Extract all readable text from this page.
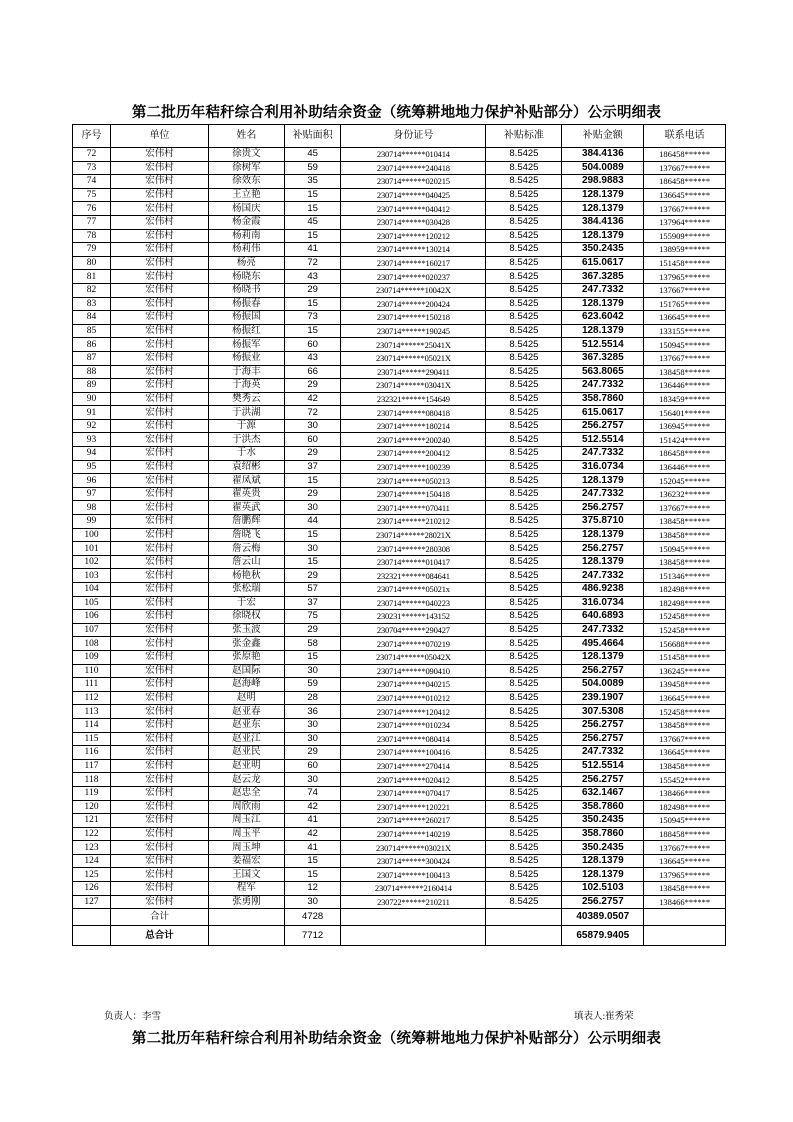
第二批历年秸秆综合利用补助结余资金（统筹耕地地力保护补贴部分）公示明细表
序号	单位	姓名	补贴面积	身份证号	补贴标准	补贴金额	联系电话
72	宏伟村	徐贵文	45	230714******010414	8.5425	384.4136	186458******
73	宏伟村	徐树军	59	230714******240418	8.5425	504.0089	137667******
74	宏伟村	徐效东	35	230714******020215	8.5425	298.9883	186458******
75	宏伟村	王立艳	15	230714******040425	8.5425	128.1379	136645******
76	宏伟村	杨国庆	15	230714******040412	8.5425	128.1379	137667******
77	宏伟村	杨金霞	45	230714******030428	8.5425	384.4136	137964******
78	宏伟村	杨莉南	15	230714******120212	8.5425	128.1379	155909******
79	宏伟村	杨莉伟	41	230714******130214	8.5425	350.2435	138959******
80	宏伟村	杨亮	72	230714******160217	8.5425	615.0617	151458******
81	宏伟村	杨晓东	43	230714******020237	8.5425	367.3285	137965******
82	宏伟村	杨晓书	29	230714******10042X	8.5425	247.7332	137667******
83	宏伟村	杨振春	15	230714******200424	8.5425	128.1379	151765******
84	宏伟村	杨振国	73	230714******150218	8.5425	623.6042	136645******
85	宏伟村	杨振红	15	230714******190245	8.5425	128.1379	133155******
86	宏伟村	杨振军	60	230714******25041X	8.5425	512.5514	150945******
87	宏伟村	杨振业	43	230714******05021X	8.5425	367.3285	137667******
88	宏伟村	于海丰	66	230714******290411	8.5425	563.8065	138458******
89	宏伟村	于海英	29	230714******03041X	8.5425	247.7332	136446******
90	宏伟村	樊秀云	42	232321******154649	8.5425	358.7860	183459******
91	宏伟村	于洪湖	72	230714******080418	8.5425	615.0617	156401******
92	宏伟村	于源	30	230714******180214	8.5425	256.2757	136945******
93	宏伟村	于洪杰	60	230714******200240	8.5425	512.5514	151424******
94	宏伟村	于水	29	230714******200412	8.5425	247.7332	186458******
95	宏伟村	袁绍彬	37	230714******100239	8.5425	316.0734	136446******
96	宏伟村	翟凤斌	15	230714******050213	8.5425	128.1379	152045******
97	宏伟村	翟英贵	29	230714******150418	8.5425	247.7332	136232******
98	宏伟村	翟英武	30	230714******070411	8.5425	256.2757	137667******
99	宏伟村	詹鹏辉	44	230714******210212	8.5425	375.8710	138458******
100	宏伟村	詹晓飞	15	230714******28021X	8.5425	128.1379	138458******
101	宏伟村	詹云梅	30	230714******280308	8.5425	256.2757	150945******
102	宏伟村	詹云山	15	230714******010417	8.5425	128.1379	138458******
103	宏伟村	杨艳秋	29	232321******084641	8.5425	247.7332	151346******
104	宏伟村	张松瑞	57	230714******05021x	8.5425	486.9238	182498******
105	宏伟村	于宏	37	230714******040223	8.5425	316.0734	182498******
106	宏伟村	徐晓权	75	230231******143152	8.5425	640.6893	152458******
107	宏伟村	张玉波	29	230704******290427	8.5425	247.7332	152458******
108	宏伟村	张金鑫	58	230714******070219	8.5425	495.4664	156688******
109	宏伟村	张原艳	15	230714******05042X	8.5425	128.1379	151458******
110	宏伟村	赵国际	30	230714******090410	8.5425	256.2757	136245******
111	宏伟村	赵海峰	59	230714******040215	8.5425	504.0089	139458******
112	宏伟村	赵明	28	230714******010212	8.5425	239.1907	136645******
113	宏伟村	赵亚春	36	230714******120412	8.5425	307.5308	152458******
114	宏伟村	赵亚东	30	230714******010234	8.5425	256.2757	138458******
115	宏伟村	赵亚江	30	230714******080414	8.5425	256.2757	137667******
116	宏伟村	赵亚民	29	230714******100416	8.5425	247.7332	136645******
117	宏伟村	赵亚明	60	230714******270414	8.5425	512.5514	138458******
118	宏伟村	赵云龙	30	230714******020412	8.5425	256.2757	155452******
119	宏伟村	赵忠全	74	230714******070417	8.5425	632.1467	138466******
120	宏伟村	周欣雨	42	230714******120221	8.5425	358.7860	182498******
121	宏伟村	周玉江	41	230714******260217	8.5425	350.2435	150945******
122	宏伟村	周玉平	42	230714******140219	8.5425	358.7860	188458******
123	宏伟村	周玉坤	41	230714******03021X	8.5425	350.2435	137667******
124	宏伟村	姜福宏	15	230714******300424	8.5425	128.1379	136645******
125	宏伟村	王国文	15	230714******100413	8.5425	128.1379	137965******
126	宏伟村	程军	12	230714******2160414	8.5425	102.5103	138458******
127	宏伟村	张勇刚	30	230722******210211	8.5425	256.2757	138466******
	合计		4728			40389.0507	
	总合计		7712			65879.9405	
负责人：李雪	填表人:崔秀荣
第二批历年秸秆综合利用补助结余资金（统筹耕地地力保护补贴部分）公示明细表
